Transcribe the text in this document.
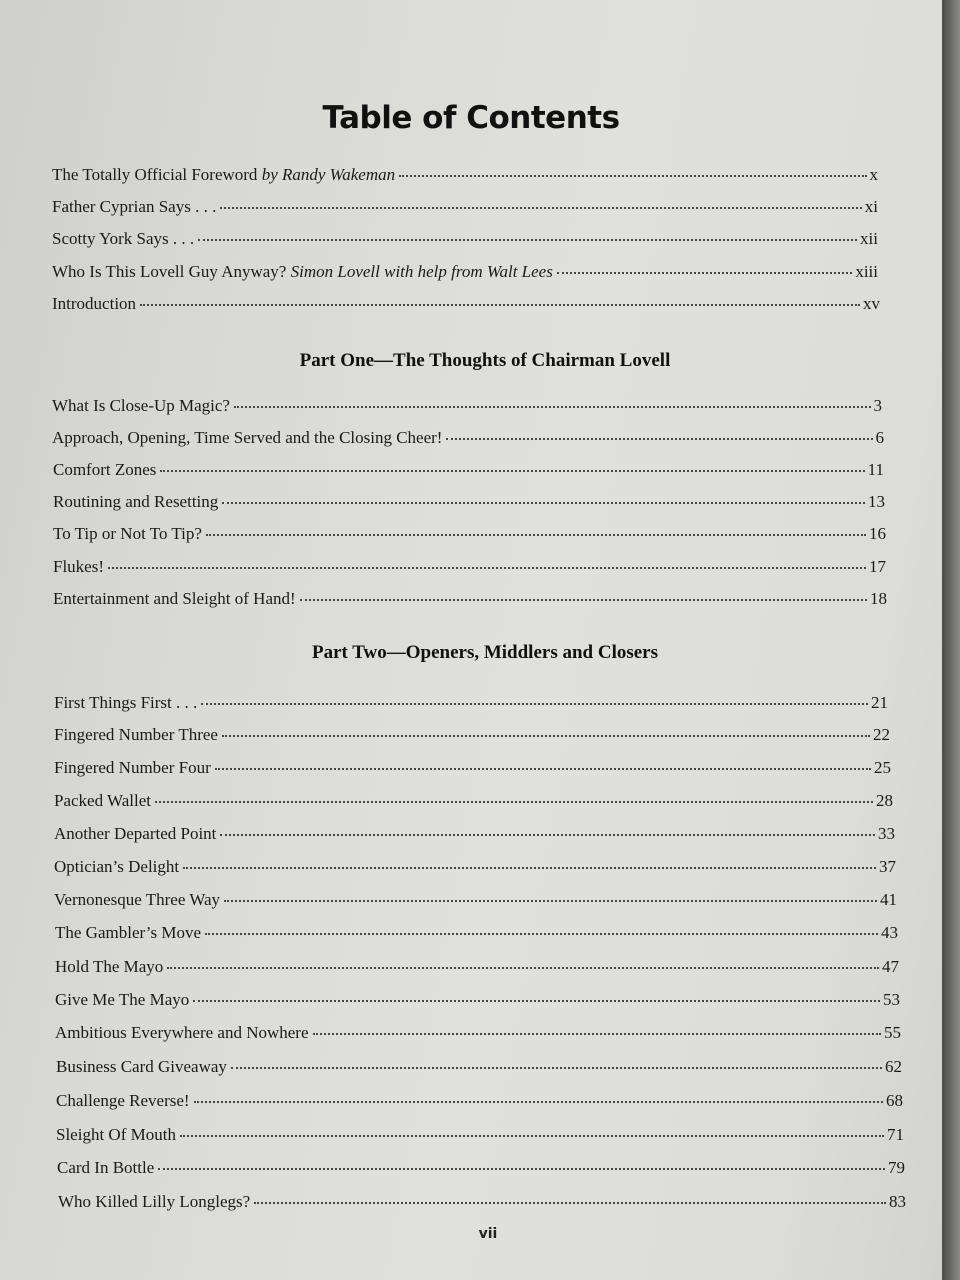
Table of Contents
The Totally Official Foreword by Randy Wakeman	x
Father Cyprian Says . . .	xi
Scotty York Says . . .	xii
Who Is This Lovell Guy Anyway? Simon Lovell with help from Walt Lees	xiii
Introduction	xv
Part One—The Thoughts of Chairman Lovell
What Is Close-Up Magic?	3
Approach, Opening, Time Served and the Closing Cheer!	6
Comfort Zones	11
Routining and Resetting	13
To Tip or Not To Tip?	16
Flukes!	17
Entertainment and Sleight of Hand!	18
Part Two—Openers, Middlers and Closers
First Things First . . .	21
Fingered Number Three	22
Fingered Number Four	25
Packed Wallet	28
Another Departed Point	33
Optician’s Delight	37
Vernonesque Three Way	41
The Gambler’s Move	43
Hold The Mayo	47
Give Me The Mayo	53
Ambitious Everywhere and Nowhere	55
Business Card Giveaway	62
Challenge Reverse!	68
Sleight Of Mouth	71
Card In Bottle	79
Who Killed Lilly Longlegs?	83
vii
